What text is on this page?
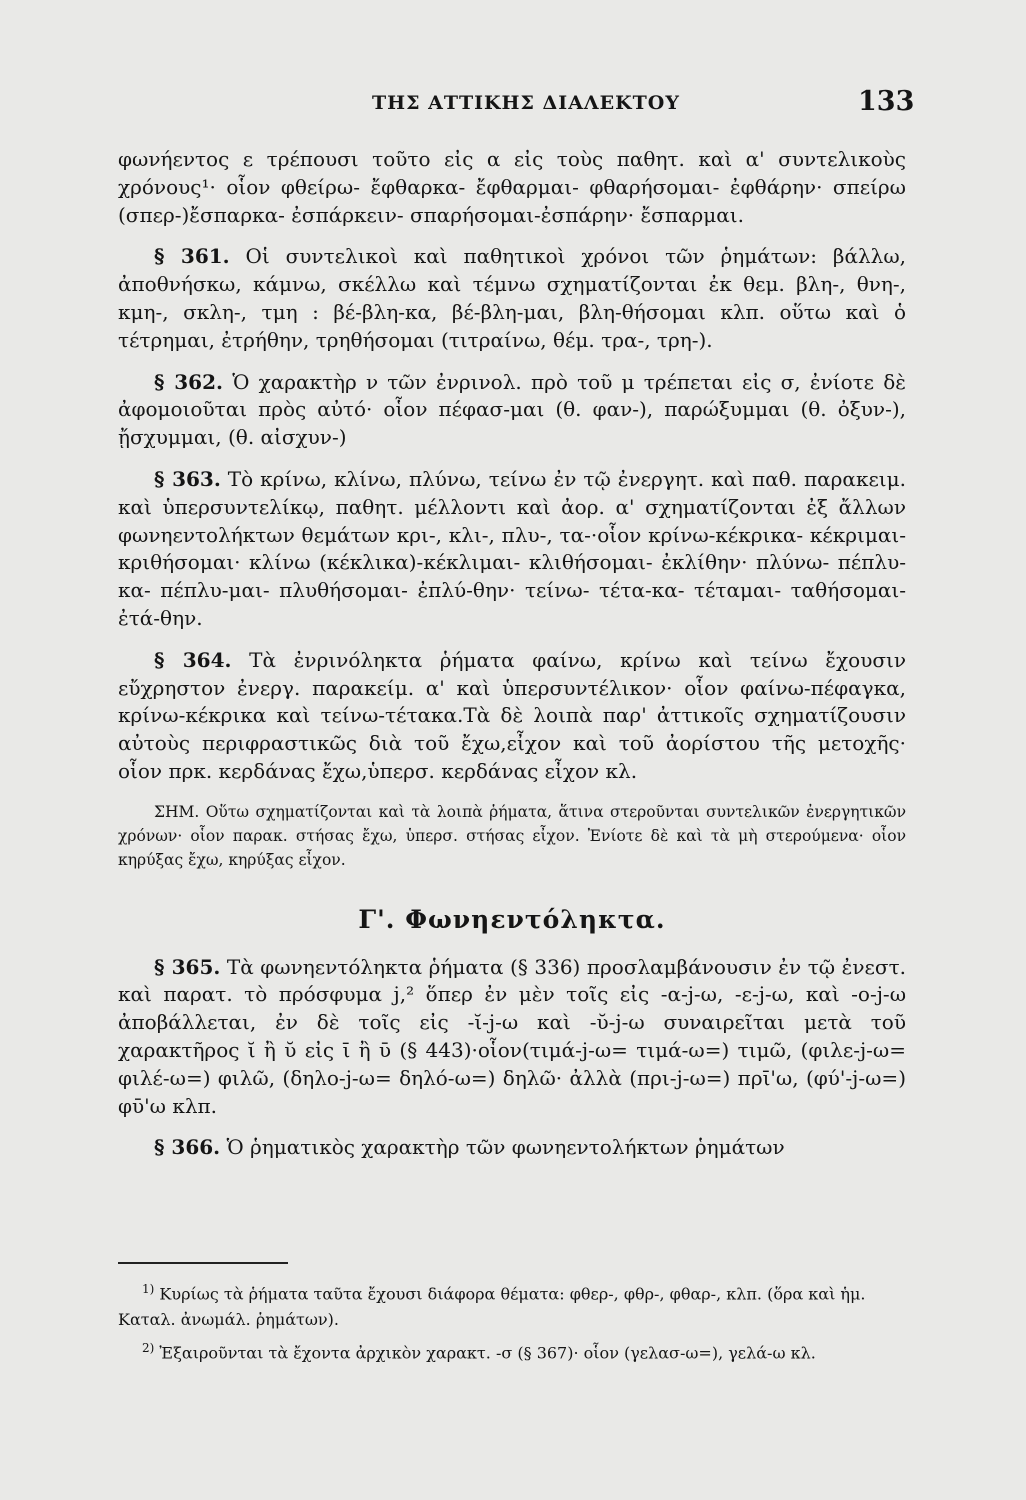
ΤΗΣ ΑΤΤΙΚΗΣ ΔΙΑΛΕΚΤΟΥ	133

φωνήεντος ε τρέπουσι τοῦτο εἰς α εἰς τοὺς παθητ. καὶ α' συντελικοὺς χρόνους¹· οἷον φθείρω- ἔφθαρκα- ἔφθαρμαι- φθαρήσομαι- ἐφθάρην· σπείρω (σπερ-)ἔσπαρκα- ἐσπάρκειν- σπαρήσομαι-ἐσπάρην· ἔσπαρμαι.

§ 361. Οἱ συντελικοὶ καὶ παθητικοὶ χρόνοι τῶν ῥημάτων: βάλλω, ἀποθνήσκω, κάμνω, σκέλλω καὶ τέμνω σχηματίζονται ἐκ θεμ. βλη-, θνη-, κμη-, σκλη-, τμη : βέ-βλη-κα, βέ-βλη-μαι, βλη-θήσομαι κλπ. οὕτω καὶ ὁ τέτρημαι, ἐτρήθην, τρηθήσομαι (τιτραίνω, θέμ. τρα-, τρη-).

§ 362. Ὁ χαρακτὴρ ν τῶν ἐνρινολ. πρὸ τοῦ μ τρέπεται εἰς σ, ἐνίοτε δὲ ἀφομοιοῦται πρὸς αὐτό· οἷον πέφασ-μαι (θ. φαν-), παρώξυμμαι (θ. ὀξυν-), ᾔσχυμμαι, (θ. αἰσχυν-)

§ 363. Τὸ κρίνω, κλίνω, πλύνω, τείνω ἐν τῷ ἐνεργητ. καὶ παθ. παρακειμ. καὶ ὑπερσυντελίκῳ, παθητ. μέλλοντι καὶ ἀορ. α' σχηματίζονται ἐξ ἄλλων φωνηεντολήκτων θεμάτων κρι-, κλι-, πλυ-, τα-·οἷον κρίνω-κέκρικα- κέκριμαι-κριθήσομαι· κλίνω (κέκλικα)-κέκλιμαι- κλιθήσομαι- ἐκλίθην· πλύνω- πέπλυ-κα- πέπλυ-μαι- πλυθήσομαι- ἐπλύ-θην· τείνω- τέτα-κα- τέταμαι- ταθήσομαι- ἐτά-θην.

§ 364. Τὰ ἐνρινόληκτα ῥήματα φαίνω, κρίνω καὶ τείνω ἔχουσιν εὔχρηστον ἐνεργ. παρακείμ. α' καὶ ὑπερσυντέλικον· οἷον φαίνω-πέφαγκα, κρίνω-κέκρικα καὶ τείνω-τέτακα.Τὰ δὲ λοιπὰ παρ' ἀττικοῖς σχηματίζουσιν αὐτοὺς περιφραστικῶς διὰ τοῦ ἔχω,εἶχον καὶ τοῦ ἀορίστου τῆς μετοχῆς· οἷον πρκ. κερδάνας ἔχω,ὑπερσ. κερδάνας εἶχον κλ.

ΣΗΜ. Οὕτω σχηματίζονται καὶ τὰ λοιπὰ ῥήματα, ἅτινα στεροῦνται συντελικῶν ἐνεργητικῶν χρόνων· οἷον παρακ. στήσας ἔχω, ὑπερσ. στήσας εἶχον. Ἐνίοτε δὲ καὶ τὰ μὴ στερούμενα· οἷον κηρύξας ἔχω, κηρύξας εἶχον.

Γ'. Φωνηεντόληκτα.

§ 365. Τὰ φωνηεντόληκτα ῥήματα (§ 336) προσλαμβάνουσιν ἐν τῷ ἐνεστ. καὶ παρατ. τὸ πρόσφυμα j,² ὅπερ ἐν μὲν τοῖς εἰς -α-j-ω, -ε-j-ω, καὶ -ο-j-ω ἀποβάλλεται, ἐν δὲ τοῖς εἰς -ῐ-j-ω καὶ -ῠ-j-ω συναιρεῖται μετὰ τοῦ χαρακτῆρος ῐ ἢ ῠ εἰς ῑ ἢ ῡ (§ 443)·οἷον(τιμά-j-ω= τιμά-ω=) τιμῶ, (φιλε-j-ω= φιλέ-ω=) φιλῶ, (δηλο-j-ω= δηλό-ω=) δηλῶ· ἀλλὰ (πρι-j-ω=) πρῑ'ω, (φύ'-j-ω=) φῡ'ω κλπ.

§ 366. Ὁ ῥηματικὸς χαρακτὴρ τῶν φωνηεντολήκτων ῥημάτων

$^{1)}$ Κυρίως τὰ ῥήματα ταῦτα ἔχουσι διάφορα θέματα: φθερ-, φθρ-, φθαρ-, κλπ. (ὅρα καὶ ἡμ. Καταλ. ἀνωμάλ. ῥημάτων).

$^{2)}$ Ἐξαιροῦνται τὰ ἔχοντα ἀρχικὸν χαρακτ. -σ (§ 367)· οἷον (γελασ-ω=), γελά-ω κλ.
